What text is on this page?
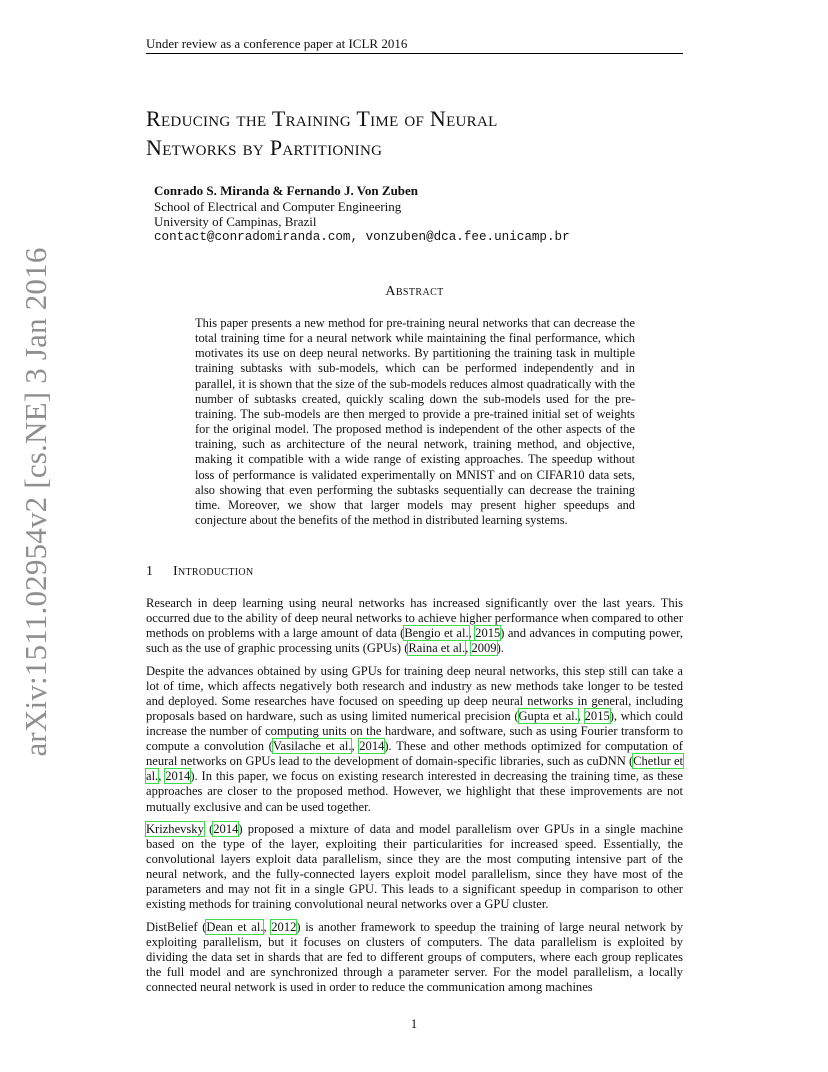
Under review as a conference paper at ICLR 2016
arXiv:1511.02954v2 [cs.NE] 3 Jan 2016
Reducing the Training Time of Neural
Networks by Partitioning
Conrado S. Miranda & Fernando J. Von Zuben
School of Electrical and Computer Engineering
University of Campinas, Brazil
contact@conradomiranda.com, vonzuben@dca.fee.unicamp.br
Abstract
This paper presents a new method for pre-training neural networks that can decrease the total training time for a neural network while maintaining the final performance, which motivates its use on deep neural networks. By partitioning the training task in multiple training subtasks with sub-models, which can be performed independently and in parallel, it is shown that the size of the sub-models reduces almost quadratically with the number of subtasks created, quickly scaling down the sub-models used for the pre-training. The sub-models are then merged to provide a pre-trained initial set of weights for the original model. The proposed method is independent of the other aspects of the training, such as architecture of the neural network, training method, and objective, making it compatible with a wide range of existing approaches. The speedup without loss of performance is validated experimentally on MNIST and on CIFAR10 data sets, also showing that even performing the subtasks sequentially can decrease the training time. Moreover, we show that larger models may present higher speedups and conjecture about the benefits of the method in distributed learning systems.
1 Introduction

Research in deep learning using neural networks has increased significantly over the last years. This occurred due to the ability of deep neural networks to achieve higher performance when compared to other methods on problems with a large amount of data (Bengio et al., 2015) and advances in computing power, such as the use of graphic processing units (GPUs) (Raina et al., 2009).

Despite the advances obtained by using GPUs for training deep neural networks, this step still can take a lot of time, which affects negatively both research and industry as new methods take longer to be tested and deployed. Some researches have focused on speeding up deep neural networks in general, including proposals based on hardware, such as using limited numerical precision (Gupta et al., 2015), which could increase the number of computing units on the hardware, and software, such as using Fourier transform to compute a convolution (Vasilache et al., 2014). These and other methods optimized for computation of neural networks on GPUs lead to the development of domain-specific libraries, such as cuDNN (Chetlur et al., 2014). In this paper, we focus on existing research interested in decreasing the training time, as these approaches are closer to the proposed method. However, we highlight that these improvements are not mutually exclusive and can be used together.

Krizhevsky (2014) proposed a mixture of data and model parallelism over GPUs in a single machine based on the type of the layer, exploiting their particularities for increased speed. Essentially, the convolutional layers exploit data parallelism, since they are the most computing intensive part of the neural network, and the fully-connected layers exploit model parallelism, since they have most of the parameters and may not fit in a single GPU. This leads to a significant speedup in comparison to other existing methods for training convolutional neural networks over a GPU cluster.

DistBelief (Dean et al., 2012) is another framework to speedup the training of large neural network by exploiting parallelism, but it focuses on clusters of computers. The data parallelism is exploited by dividing the data set in shards that are fed to different groups of computers, where each group replicates the full model and are synchronized through a parameter server. For the model parallelism, a locally connected neural network is used in order to reduce the communication among machines

1
